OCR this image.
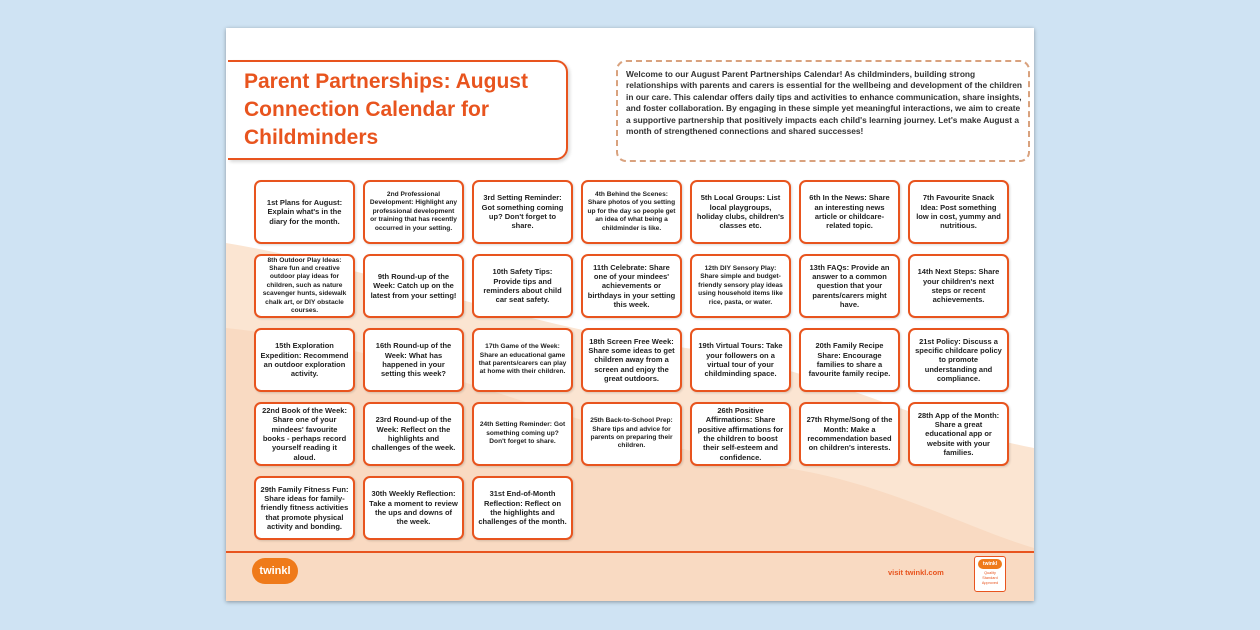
Parent Partnerships: August Connection Calendar for Childminders
Welcome to our August Parent Partnerships Calendar! As childminders, building strong relationships with parents and carers is essential for the wellbeing and development of the children in our care. This calendar offers daily tips and activities to enhance communication, share insights, and foster collaboration. By engaging in these simple yet meaningful interactions, we aim to create a supportive partnership that positively impacts each child's learning journey. Let's make August a month of strengthened connections and shared successes!
1st Plans for August: Explain what's in the diary for the month.
2nd Professional Development: Highlight any professional development or training that has recently occurred in your setting.
3rd Setting Reminder: Got something coming up? Don't forget to share.
4th Behind the Scenes: Share photos of you setting up for the day so people get an idea of what being a childminder is like.
5th Local Groups: List local playgroups, holiday clubs, children's classes etc.
6th In the News: Share an interesting news article or childcare-related topic.
7th Favourite Snack Idea: Post something low in cost, yummy and nutritious.
8th Outdoor Play Ideas: Share fun and creative outdoor play ideas for children, such as nature scavenger hunts, sidewalk chalk art, or DIY obstacle courses.
9th Round-up of the Week: Catch up on the latest from your setting!
10th Safety Tips: Provide tips and reminders about child car seat safety.
11th Celebrate: Share one of your mindees' achievements or birthdays in your setting this week.
12th DIY Sensory Play: Share simple and budget-friendly sensory play ideas using household items like rice, pasta, or water.
13th FAQs: Provide an answer to a common question that your parents/carers might have.
14th Next Steps: Share your children's next steps or recent achievements.
15th Exploration Expedition: Recommend an outdoor exploration activity.
16th Round-up of the Week: What has happened in your setting this week?
17th Game of the Week: Share an educational game that parents/carers can play at home with their children.
18th Screen Free Week: Share some ideas to get children away from a screen and enjoy the great outdoors.
19th Virtual Tours: Take your followers on a virtual tour of your childminding space.
20th Family Recipe Share: Encourage families to share a favourite family recipe.
21st Policy: Discuss a specific childcare policy to promote understanding and compliance.
22nd Book of the Week: Share one of your mindees' favourite books - perhaps record yourself reading it aloud.
23rd Round-up of the Week: Reflect on the highlights and challenges of the week.
24th Setting Reminder: Got something coming up? Don't forget to share.
25th Back-to-School Prep: Share tips and advice for parents on preparing their children.
26th Positive Affirmations: Share positive affirmations for the children to boost their self-esteem and confidence.
27th Rhyme/Song of the Month: Make a recommendation based on children's interests.
28th App of the Month: Share a great educational app or website with your families.
29th Family Fitness Fun: Share ideas for family-friendly fitness activities that promote physical activity and bonding.
30th Weekly Reflection: Take a moment to review the ups and downs of the week.
31st End-of-Month Reflection: Reflect on the highlights and challenges of the month.
twinkl	visit twinkl.com
twinkl
Quality Standard Approved
